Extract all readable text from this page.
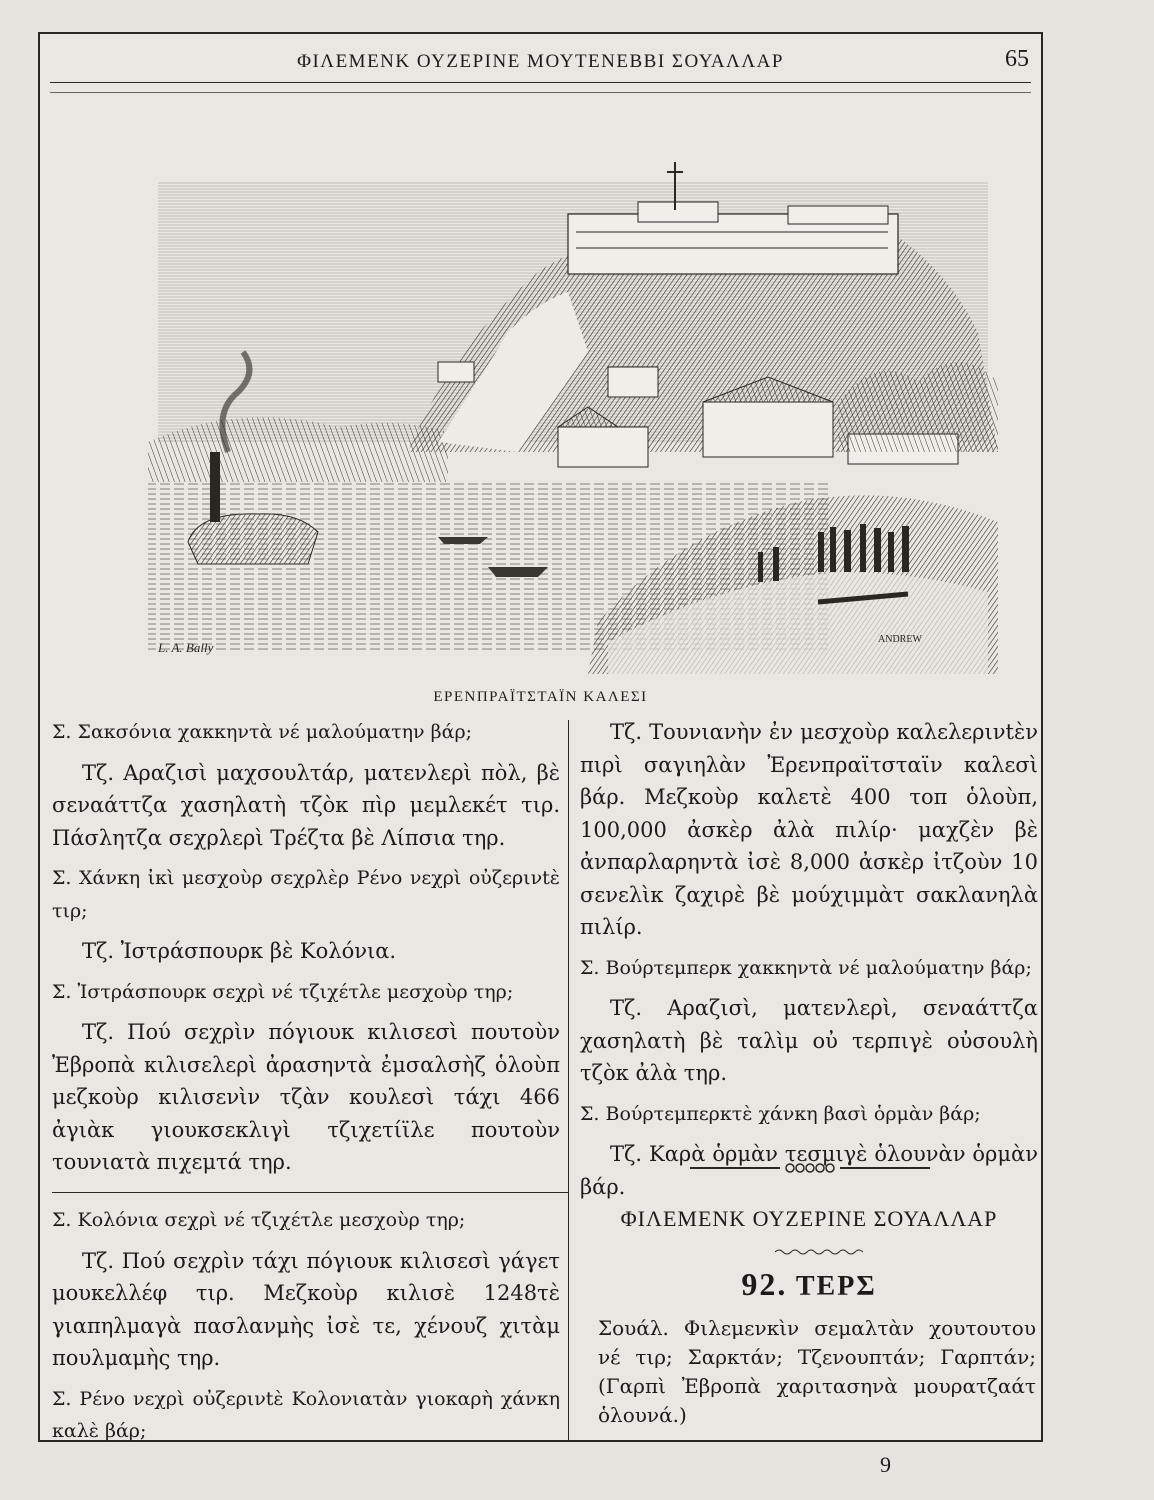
ΦΙΛΕΜΕΝΚ ΟΥΖΕΡΙΝΕ ΜΟΥΤΕΝΕΒΒΙ ΣΟΥΑΛΛΑΡ	65
L. A. Bally
ANDREW
ΕΡΕΝΠΡΑΪΤΣΤΑΪΝ ΚΑΛΕΣΙ

Σ. Σακσόνια χακκηντὰ νέ μαλούματην βάρ;

Τζ. Αραζισὶ μαχσουλτάρ, ματενλερὶ πὸλ, βὲ σεναάττζα χασηλατὴ τζὸκ πὶρ μεμλεκέτ τιρ. Πάσλητζα σεχρλερὶ Τρέζτα βὲ Λίπσια τηρ.

Σ. Χάνκη ἰκὶ μεσχοὺρ σεχρλὲρ Ρένο νεχρὶ οὐζερινtὲ τιρ;

Τζ. Ἰστράσπουρκ βὲ Κολόνια.

Σ. Ἰστράσπουρκ σεχρὶ νέ τζιχέτλε μεσχοὺρ τηρ;

Τζ. Πού σεχρὶν πόγιουκ κιλισεσὶ πουτοὺν Ἐβροπὰ κιλισελερὶ ἀρασηντὰ ἐμσαλσὴζ ὁλοὺπ μεζκοὺρ κιλισενὶν τζὰν κουλεσὶ τάχι 466 ἀγιὰκ γιουκσεκλιγὶ τζιχετίϊλε πουτοὺν τουνιατὰ πιχεμτά τηρ.

Σ. Κολόνια σεχρὶ νέ τζιχέτλε μεσχοὺρ τηρ;

Τζ. Πού σεχρὶν τάχι πόγιουκ κιλισεσὶ γάγετ μουκελλέφ τιρ. Μεζκοὺρ κιλισὲ 1248τὲ γιαπηλμαγὰ πασλανμὴς ἰσὲ τε, χένουζ χιτὰμ πουλμαμὴς τηρ.

Σ. Ρένο νεχρὶ οὐζερινtὲ Κολονιατὰν γιοκαρὴ χάνκη καλὲ βάρ;

Τζ. Τουνιανὴν ἐν μεσχοὺρ καλελερινtὲν πιρὶ σαγιηλὰν Ἐρενπραϊτσταϊν καλεσὶ βάρ. Μεζκοὺρ καλετὲ 400 τοπ ὁλοὺπ, 100,000 ἀσκὲρ ἀλὰ πιλίρ· μαχζὲν βὲ ἀνπαρλαρηντὰ ἰσὲ 8,000 ἀσκὲρ ἰτζοὺν 10 σενελὶκ ζαχιρὲ βὲ μούχιμμὰτ σακλανηλὰ πιλίρ.

Σ. Βούρτεμπερκ χακκηντὰ νέ μαλούματην βάρ;

Τζ. Αραζισὶ, ματενλερὶ, σεναάττζα χασηλατὴ βὲ ταλὶμ οὐ τερπιγὲ οὐσουλὴ τζὸκ ἀλὰ τηρ.

Σ. Βούρτεμπερκτὲ χάνκη βασὶ ὁρμὰν βάρ;

Τζ. Καρὰ ὁρμὰν τεσμιγὲ ὁλουνὰν ὁρμὰν βάρ.

ΦΙΛΕΜΕΝΚ ΟΥΖΕΡΙΝΕ ΣΟΥΑΛΛΑΡ
92. ΤΕΡΣ
Σουάλ. Φιλεμενκὶν σεμαλτὰν χουτουτου νέ τιρ; Σαρκτάν; Τζενουπτάν; Γαρπτάν; (Γαρπὶ Ἐβροπὰ χαριτασηνὰ μουρατζαάτ ὁλουνά.)
9
